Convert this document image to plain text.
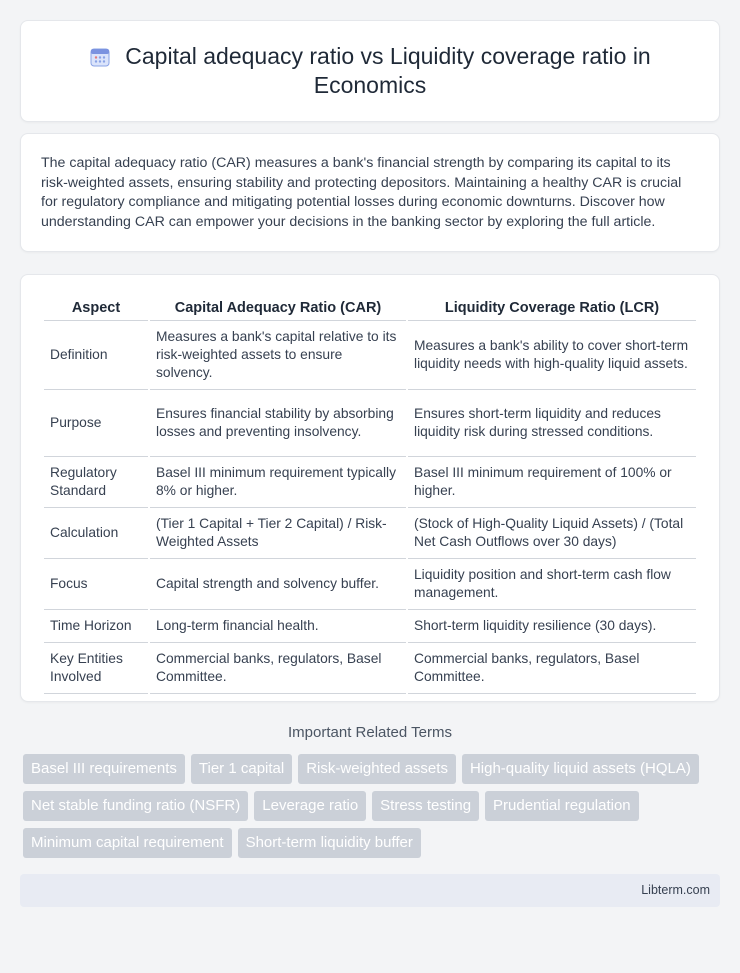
Capital adequacy ratio vs Liquidity coverage ratio in Economics

The capital adequacy ratio (CAR) measures a bank's financial strength by comparing its capital to its risk-weighted assets, ensuring stability and protecting depositors. Maintaining a healthy CAR is crucial for regulatory compliance and mitigating potential losses during economic downturns. Discover how understanding CAR can empower your decisions in the banking sector by exploring the full article.

Aspect	Capital Adequacy Ratio (CAR)	Liquidity Coverage Ratio (LCR)
Definition	Measures a bank's capital relative to its risk-weighted assets to ensure solvency.	Measures a bank's ability to cover short-term liquidity needs with high-quality liquid assets.
Purpose	Ensures financial stability by absorbing losses and preventing insolvency.	Ensures short-term liquidity and reduces liquidity risk during stressed conditions.
Regulatory Standard	Basel III minimum requirement typically 8% or higher.	Basel III minimum requirement of 100% or higher.
Calculation	(Tier 1 Capital + Tier 2 Capital) / Risk-Weighted Assets	(Stock of High-Quality Liquid Assets) / (Total Net Cash Outflows over 30 days)
Focus	Capital strength and solvency buffer.	Liquidity position and short-term cash flow management.
Time Horizon	Long-term financial health.	Short-term liquidity resilience (30 days).
Key Entities Involved	Commercial banks, regulators, Basel Committee.	Commercial banks, regulators, Basel Committee.
Important Related Terms
Basel III requirements	Tier 1 capital	Risk-weighted assets	High-quality liquid assets (HQLA)
Net stable funding ratio (NSFR)	Leverage ratio	Stress testing	Prudential regulation
Minimum capital requirement	Short-term liquidity buffer
Libterm.com
